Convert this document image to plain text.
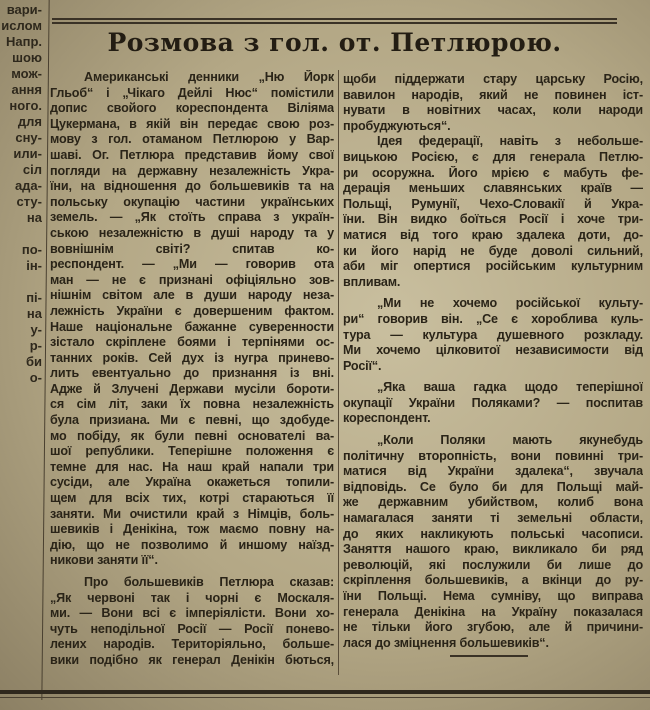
вари-
ислом
Напр.
шою
мож-
ання
ного.
для
сну-
или-
сіл
ада-
сту-
на

по-
ін-

пі-
на
у-
р-
би
о-
Розмова з гол. от. Петлюрою.
Американські денники „Ню Йорк
Гльоб“ і „Чікаго Дейлі Нюс“ помістили
допис свойого кореспондента Віліяма
Цукермана, в якій він передає свою роз-
мову з гол. отаманом Петлюрою у Вар-
шаві. Ог. Петлюра представив йому свої
погляди на державну незалежність Укра-
їни, на відношення до большевиків та на
польську окупацію частини українських
земель. — „Як стоїть справа з україн-
ською незалежністю в душі народу та у
вовнішнім світі? спитав ко-
респондент. — „Ми — говорив ота
ман — не є признані офіціяльно зов-
нішнім світом але в души народу неза-
лежність України є довершеним фактом.
Наше національне бажанне суверенности
зістало скріплене боями і терпінями ос-
танних років. Сей дух із нугра принево-
лить евентуально до признання із вні.
Адже й Злучені Держави мусіли бороти-
ся сім літ, заки їх повна незалежність
була призиана. Ми є певні, що здобуде-
мо побіду, як були певні основателі ва-
шої републики. Теперішне положення є
темне для нас. На наш край напали три
сусіди, але Україна окажеться топили-
щем для всіх тих, котрі стараються її
заняти. Ми очистили край з Німців, боль-
шевиків і Денікіна, тож маємо повну на-
дію, що не позволимо й иншому наїзд-
никови заняти її“.
Про большевиків Петлюра сказав:
„Як червоні так і чорні є Москаля-
ми. — Вони всі є імперіялісти. Вони хо-
чуть неподільної Росії — Росії понево-
лених народів. Територіяльно, больше-
вики подібно як генерал Денікін бються,
щоби піддержати стару царську Росію,
вавилон народів, який не повинен іст-
нувати в новітних часах, коли народи
пробуджуються“.
Ідея федерації, навіть з небольше-
вицькою Росією, є для генерала Петлю-
ри осоружна. Його мрією є мабуть фе-
дерація меньших славянських країв —
Польщі, Румунії, Чехо-Словакії й Укра-
їни. Він видко боїться Росії і хоче три-
матися від того краю здалека доти, до-
ки його нарід не буде доволі сильний,
аби міг опертися російським культурним
впливам.
„Ми не хочемо російської культу-
ри“ говорив він. „Се є хороблива куль-
тура — культура душевного розкладу.
Ми хочемо цілковитої независимости від
Росії“.
„Яка ваша гадка щодо теперішної
окупації України Поляками? — поспитав
кореспондент.
„Коли Поляки мають якунебудь
політичну второпність, вони повинні три-
матися від України здалека“, звучала
відповідь. Се було би для Польщі май-
же державним убийством, колиб вона
намагалася заняти ті земельні области,
до яких накликують польські часописи.
Заняття нашого краю, викликало би ряд
революцій, які послужили би лише до
скріплення большевиків, а вкінци до ру-
їни Польщі. Нема сумніву, що виправа
генерала Денікіна на Україну показалася
не тільки його згубою, але й причини-
лася до зміцнення большевиків“.
